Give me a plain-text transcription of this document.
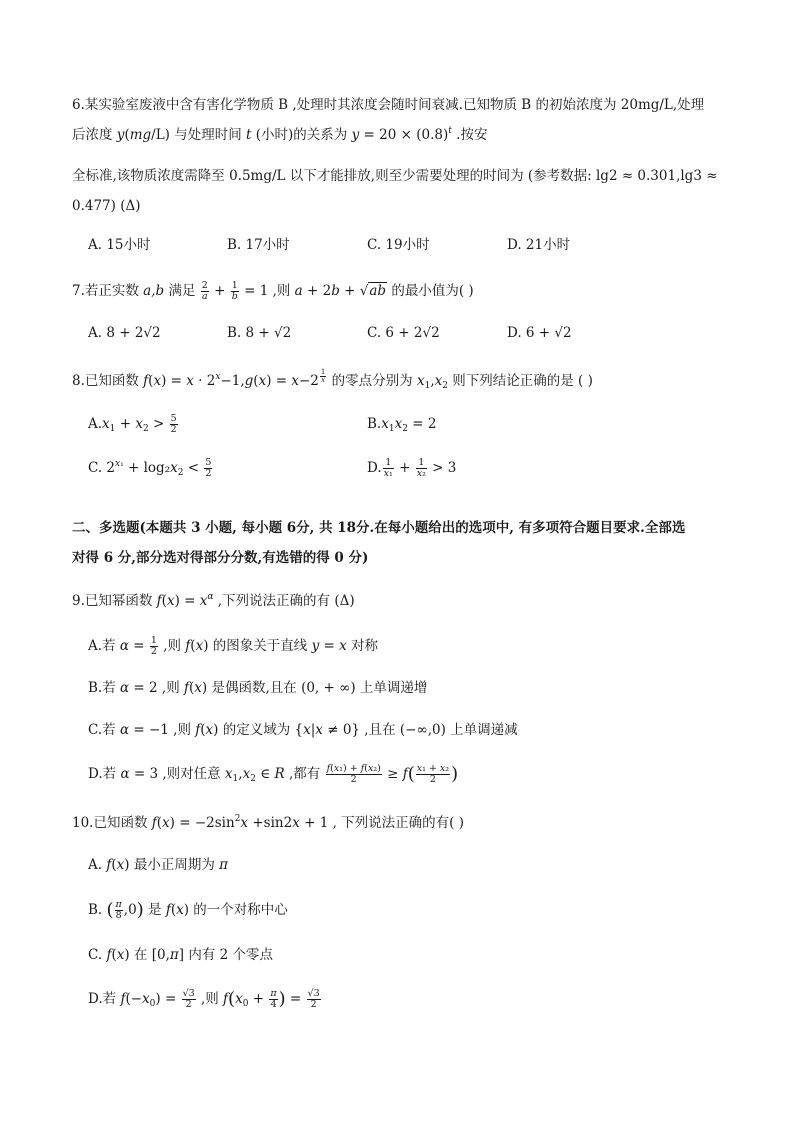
6.某实验室废液中含有害化学物质 B ,处理时其浓度会随时间衰减.已知物质 B 的初始浓度为 20mg/L,处理
后浓度 y(mg/L) 与处理时间 t (小时)的关系为 $y = 20 \times (0.8)^t$ .按安
全标准,该物质浓度需降至 0.5mg/L 以下才能排放,则至少需要处理的时间为 (参考数据: lg2 ≈ 0.301,lg3 ≈
0.477) (Δ)
A. 15小时	B. 17小时	C. 19小时	D. 21小时
7.若正实数 a,b 满足 $\frac{2}{a} + \frac{1}{b} = 1$ ,则 a + 2b + √ab 的最小值为( )
A. 8 + 2√2	B. 8 + √2	C. 6 + 2√2	D. 6 + √2
8.已知函数 $f(x) = x \cdot 2^x-1,g(x) = x-2$ $^{\frac{1}{x}}$ 的零点分别为 $x_1,x_2$ 则下列结论正确的是 ( )
$A.x_1 + x_2 > \frac{5}{2}$	$B.x_1x_2 = 2$
C. $2^{x_1} + \log_2x_2 < \frac{5}{2}$	D. $\frac{1}{\text{x₁}} + \frac{1}{\text{x₂}} > 3$
二、多选题(本题共 3 小题, 每小题 6分, 共 18分.在每小题给出的选项中, 有多项符合题目要求.全部选
对得 6 分,部分选对得部分分数,有选错的得 0 分)
9.已知幂函数 $f(x) = x^\alpha$ ,下列说法正确的有 (Δ)
A.若 $\alpha = \frac{1}{2}$ ,则 f(x) 的图象关于直线 y = x 对称
B.若 α = 2 ,则 f(x) 是偶函数,且在 (0, + ∞) 上单调递增
C.若 α = −1 ,则 f(x) 的定义域为 {x|x ≠ 0} ,且在 (−∞,0) 上单调递减
D.若 α = 3 ,则对任意 $x_1,x_2$ ∈ R ,都有 $\frac{\text{f(x₁) + f(x₂)}}{2} \ge f( \frac{\text{x₁ + x₂}}{2}$ )
10.已知函数 $f(x) = -2\sin^2x +\sin 2x + 1$ , 下列说法正确的有( )
A. f(x) 最小正周期为 π
B. ( $\frac{\pi}{8} ,0$) 是 f(x) 的一个对称中心
C. f(x) 在 [0,π] 内有 2 个零点
D.若 $f(-x_0) = \frac{√3}{2}$ ,则 $f(x_0 + \frac{\pi}{4}$ ) = $\frac{√3}{2}$
